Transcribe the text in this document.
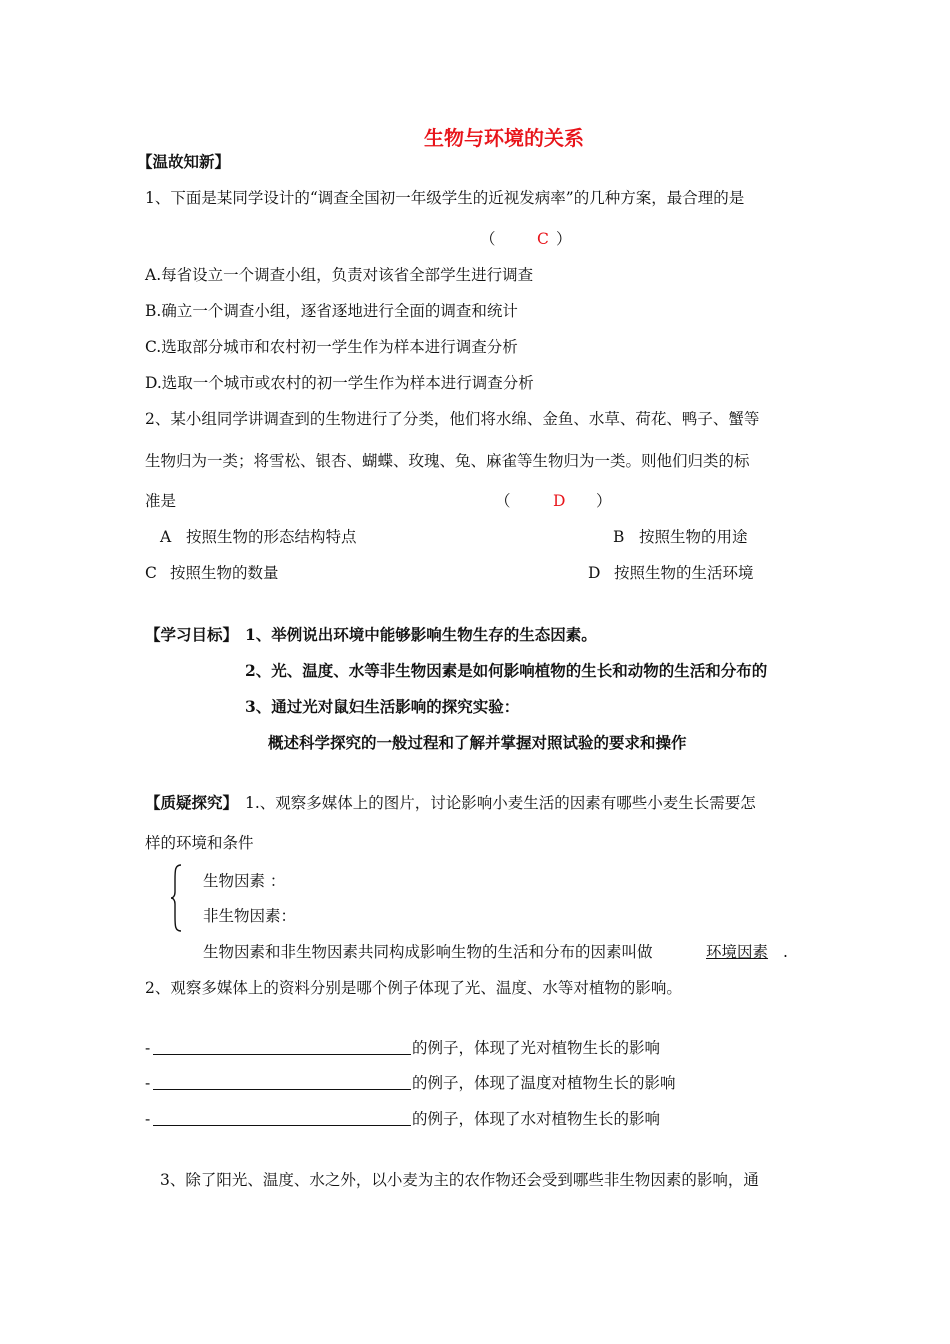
生物与环境的关系
【温故知新】
1、下面是某同学设计的“调查全国初一年级学生的近视发病率”的几种方案，最合理的是
（	C ）
A.每省设立一个调查小组，负责对该省全部学生进行调查
B.确立一个调查小组，逐省逐地进行全面的调查和统计
C.选取部分城市和农村初一学生作为样本进行调查分析
D.选取一个城市或农村的初一学生作为样本进行调查分析
2、某小组同学讲调查到的生物进行了分类，他们将水绵、金鱼、水草、荷花、鸭子、蟹等
生物归为一类；将雪松、银杏、蝴蝶、玫瑰、兔、麻雀等生物归为一类。则他们归类的标
准是	（	D ）
A 按照生物的形态结构特点	B 按照生物的用途
C 按照生物的数量	D 按照生物的生活环境
【学习目标】 1、举例说出环境中能够影响生物生存的生态因素。
2、光、温度、水等非生物因素是如何影响植物的生长和动物的生活和分布的
3、通过光对鼠妇生活影响的探究实验：
概述科学探究的一般过程和了解并掌握对照试验的要求和操作
【质疑探究】 1.、观察多媒体上的图片，讨论影响小麦生活的因素有哪些小麦生长需要怎
样的环境和条件
生物因素 ：
非生物因素：
生物因素和非生物因素共同构成影响生物的生活和分布的因素叫做	环境因素 .
2、观察多媒体上的资料分别是哪个例子体现了光、温度、水等对植物的影响。
-	的例子，体现了光对植物生长的影响
-	的例子，体现了温度对植物生长的影响
-	的例子，体现了水对植物生长的影响
3、除了阳光、温度、水之外，以小麦为主的农作物还会受到哪些非生物因素的影响，通
